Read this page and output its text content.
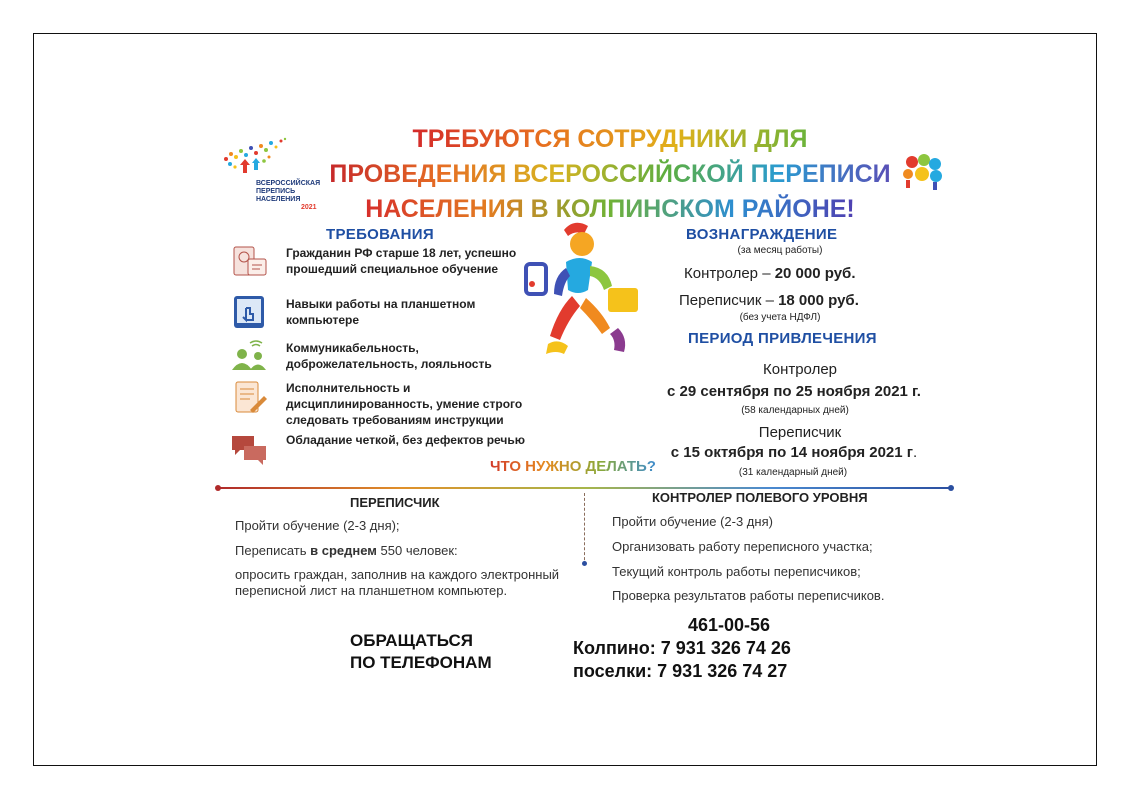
ВСЕРОССИЙСКАЯ
ПЕРЕПИСЬ
НАСЕЛЕНИЯ
2021
ТРЕБУЮТСЯ СОТРУДНИКИ ДЛЯ
ПРОВЕДЕНИЯ ВСЕРОССИЙСКОЙ ПЕРЕПИСИ
НАСЕЛЕНИЯ В КОЛПИНСКОМ РАЙОНЕ!
ТРЕБОВАНИЯ
Гражданин РФ старше 18 лет, успешно прошедший специальное обучение
Навыки работы на планшетном компьютере
Коммуникабельность, доброжелательность, лояльность
Исполнительность и дисциплинированность, умение строго следовать требованиям инструкции
Обладание четкой, без дефектов речью
ВОЗНАГРАЖДЕНИЕ
(за месяц работы)
Контролер – 20 000 руб.
Переписчик – 18 000 руб.
(без учета НДФЛ)
ПЕРИОД ПРИВЛЕЧЕНИЯ
Контролер
с 29 сентября по 25 ноября 2021 г.
(58 календарных дней)
Переписчик
с 15 октября по 14 ноября 2021 г.
(31 календарный дней)
ЧТО НУЖНО ДЕЛАТЬ?
ПЕРЕПИСЧИК
Пройти обучение (2-3 дня);
Переписать в среднем 550 человек:
опросить граждан, заполнив на каждого электронный переписной лист на планшетном компьютер.
КОНТРОЛЕР ПОЛЕВОГО УРОВНЯ
Пройти обучение (2-3 дня)
Организовать работу переписного участка;
Текущий контроль работы переписчиков;
Проверка результатов работы переписчиков.
ОБРАЩАТЬСЯ
ПО ТЕЛЕФОНАМ
461-00-56
Колпино: 7 931 326 74 26
поселки: 7 931 326 74 27
